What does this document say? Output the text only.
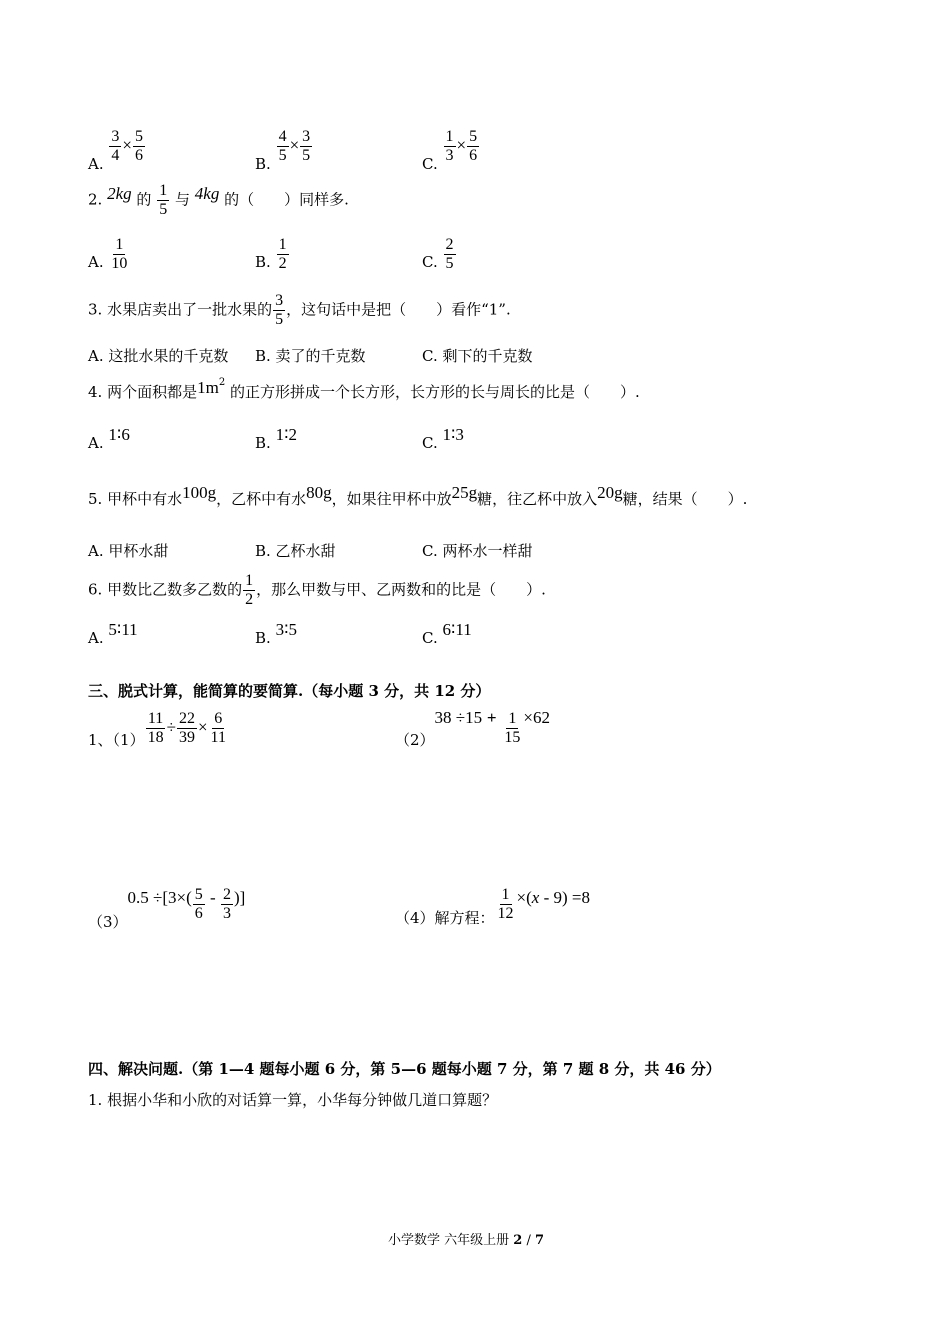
A. $\frac{3}{4} \times \frac{5}{6}$	B. $\frac{4}{5} \times \frac{3}{5}$	C. $\frac{1}{3} \times \frac{5}{6}$
2. 2kg 的 $\frac{1}{5}$ 与 4kg 的（　　）同样多.
A. $\frac{1}{10}$	B. $\frac{1}{2}$	C. $\frac{2}{5}$
3. 水果店卖出了一批水果的 $\frac{3}{5}$ ，这句话中是把（　　）看作“1”.
A. 这批水果的千克数 B. 卖了的千克数	C. 剩下的千克数
4. 两个面积都是$1m^2$ 的正方形拼成一个长方形，长方形的长与周长的比是（　　）.
A. 1∶6	B. 1∶2	C. 1∶3
5. 甲杯中有水100g，乙杯中有水80g，如果往甲杯中放25g糖，往乙杯中放入20g糖，结果（　　）.
A. 甲杯水甜	B. 乙杯水甜	C. 两杯水一样甜
6. 甲数比乙数多乙数的 $\frac{1}{2}$ ，那么甲数与甲、乙两数和的比是（　　）.
A. 5∶11	B. 3∶5	C. 6∶11
三、脱式计算，能简算的要简算.（每小题 3 分，共 12 分）
1、$(1) \frac{11}{18} \div \frac{22}{39} \times \frac{6}{11}$	$(2)38 \div 15 + \frac{1}{15} \times 62$
$(3)0.5 \div[3\times( \frac{5}{6} - \frac{2}{3}$ )]
（4）解方程： $\frac{1}{12} \times(x - 9) =8$
四、解决问题.（第 1—4 题每小题 6 分，第 5—6 题每小题 7 分，第 7 题 8 分，共 46 分）
1. 根据小华和小欣的对话算一算，小华每分钟做几道口算题？
小学数学 六年级上册 2 / 7
